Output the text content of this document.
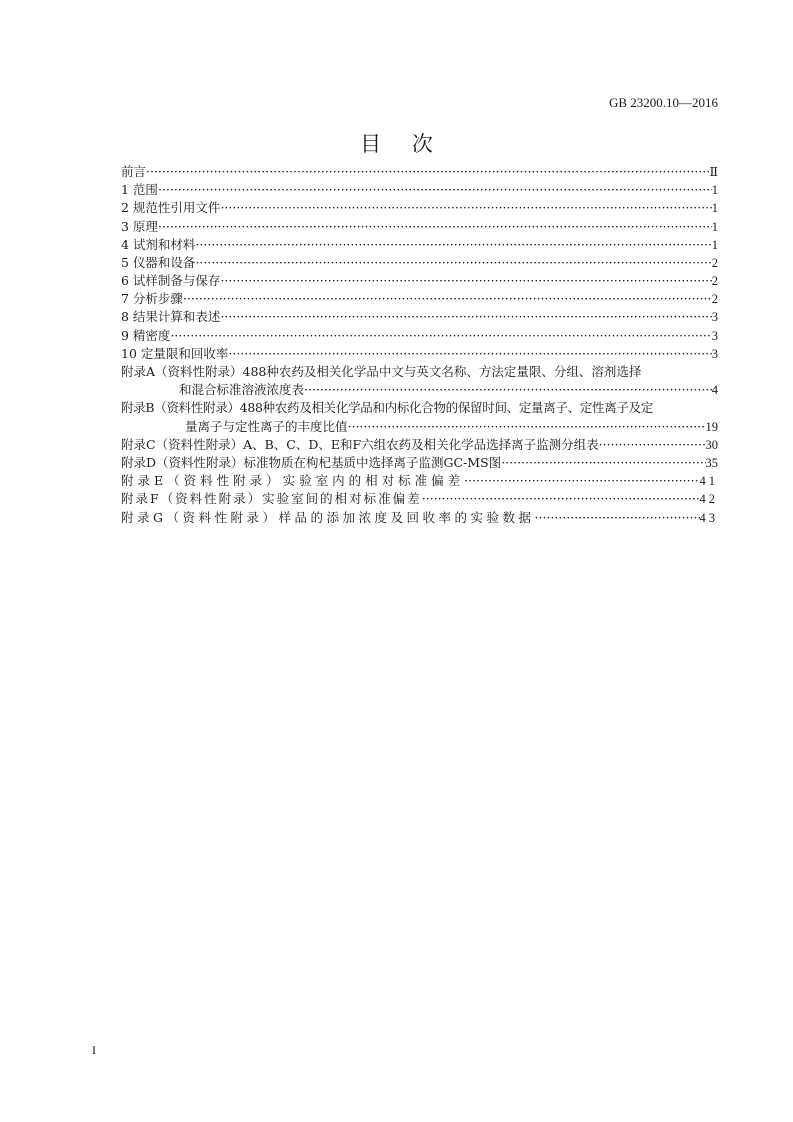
GB 23200.10—2016
目 次
前言 ·····	Ⅱ
1 范围 ·····	1
2 规范性引用文件 ·····	1
3 原理 ·····	1
4 试剂和材料 ·····	1
5 仪器和设备 ·····	2
6 试样制备与保存 ·····	2
7 分析步骤 ·····	2
8 结果计算和表述 ·····	3
9 精密度 ·····	3
10 定量限和回收率 ·····	3
附录A（资料性附录）488种农药及相关化学品中文与英文名称、方法定量限、分组、溶剂选择
和混合标准溶液浓度表 ·····	4
附录B（资料性附录）488种农药及相关化学品和内标化合物的保留时间、定量离子、定性离子及定
量离子与定性离子的丰度比值 ·····	19
附录C（资料性附录）A、B、C、D、E和F六组农药及相关化学品选择离子监测分组表 ·····	30
附录D（资料性附录）标准物质在枸杞基质中选择离子监测GC-MS图 ·····	35
附录E（资料性附录）实验室内的相对标准偏差 ·····	41
附录F（资料性附录）实验室间的相对标准偏差 ·····	42
附录G（资料性附录）样品的添加浓度及回收率的实验数据 ·····	43
I
